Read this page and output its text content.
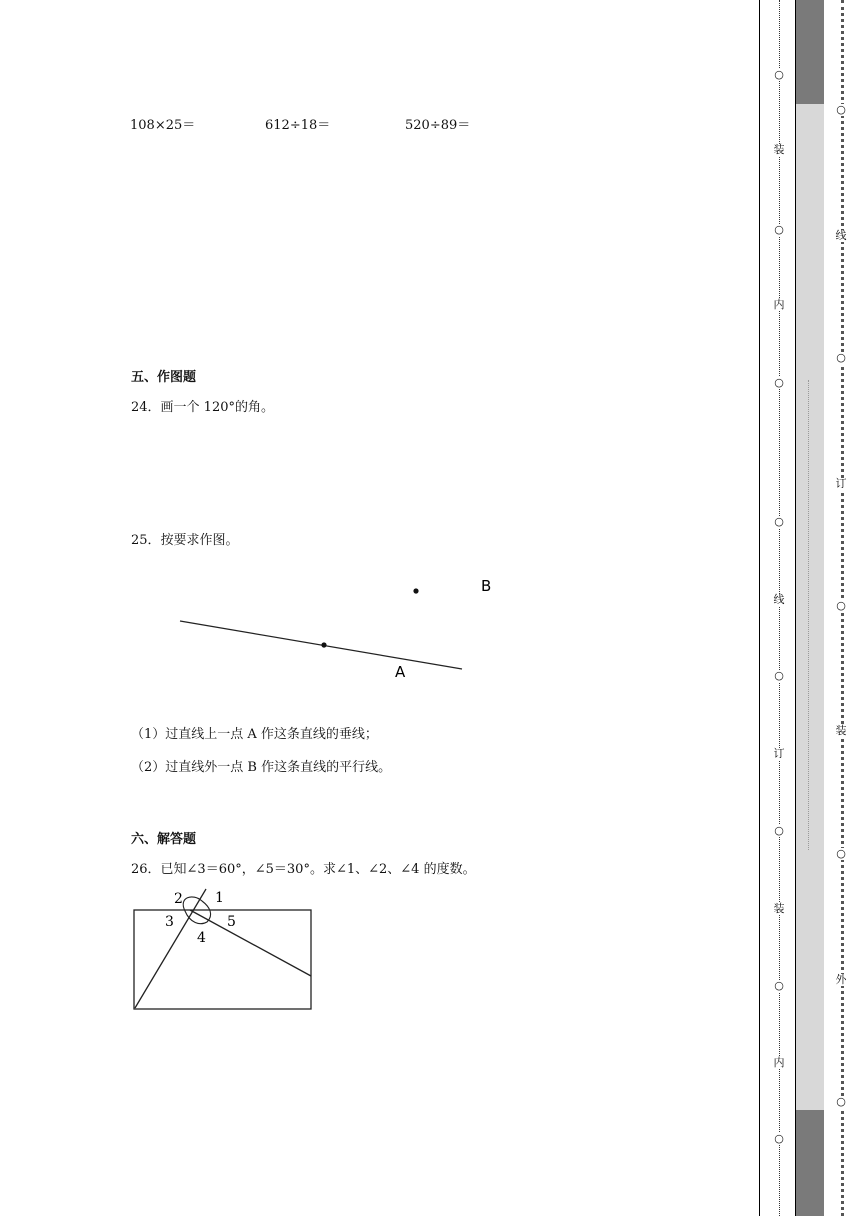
108×25＝	612÷18＝	520÷89＝
五、作图题
24．画一个 120°的角。
25．按要求作图。
A
B
（1）过直线上一点 A 作这条直线的垂线；
（2）过直线外一点 B 作这条直线的平行线。
六、解答题
26．已知∠3＝60°，∠5＝30°。求∠1、∠2、∠4 的度数。
2 1
3	5
4
○
装
○
内
○
○
线
○
订
○
装
○
内
○
○
线
○
订
○
装
○
外
○
